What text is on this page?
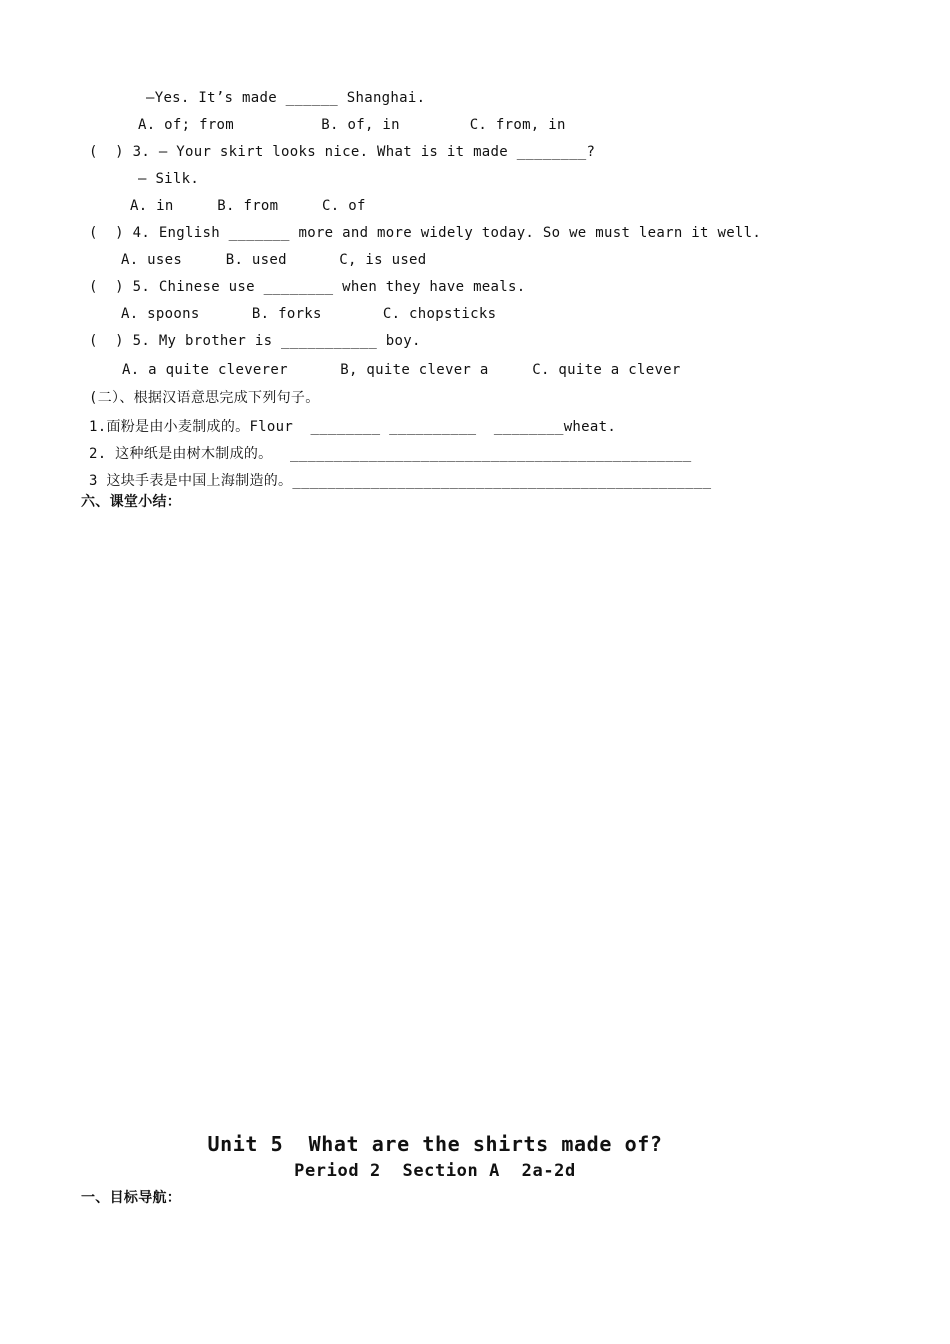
—Yes. It’s made ______ Shanghai.
A. of; from          B. of, in        C. from, in
(  ) 3. — Your skirt looks nice. What is it made ________?
— Silk.
A. in     B. from     C. of
(  ) 4. English _______ more and more widely today. So we must learn it well.
A. uses     B. used      C, is used
(  ) 5. Chinese use ________ when they have meals.
A. spoons      B. forks       C. chopsticks
(  ) 5. My brother is ___________ boy.
A. a quite cleverer      B, quite clever a     C. quite a clever
(二）、根据汉语意思完成下列句子。
1.面粉是由小麦制成的。Flour  ________ __________  ________wheat.
2. 这种纸是由树木制成的。  ______________________________________________
3 这块手表是中国上海制造的。________________________________________________
六、课堂小结：
Unit 5  What are the shirts made of?
Period 2  Section A  2a-2d
一、目标导航：
